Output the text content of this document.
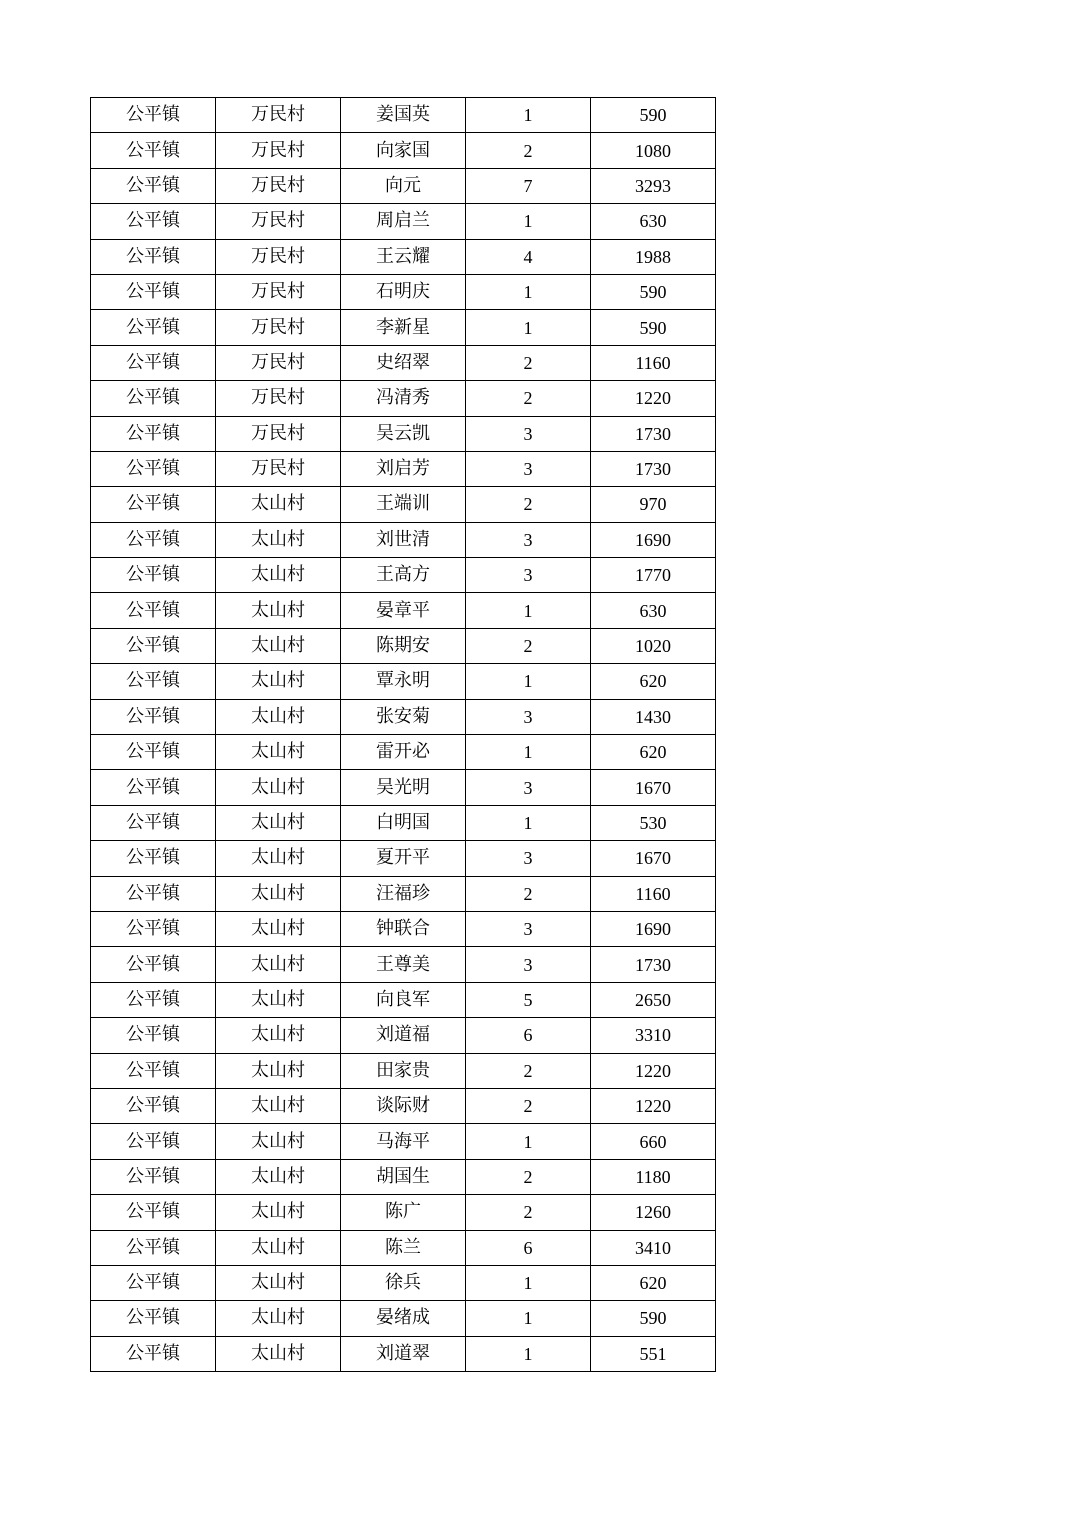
公平镇	万民村	姜国英	1	590
公平镇	万民村	向家国	2	1080
公平镇	万民村	向元	7	3293
公平镇	万民村	周启兰	1	630
公平镇	万民村	王云耀	4	1988
公平镇	万民村	石明庆	1	590
公平镇	万民村	李新星	1	590
公平镇	万民村	史绍翠	2	1160
公平镇	万民村	冯清秀	2	1220
公平镇	万民村	吴云凯	3	1730
公平镇	万民村	刘启芳	3	1730
公平镇	太山村	王端训	2	970
公平镇	太山村	刘世清	3	1690
公平镇	太山村	王高方	3	1770
公平镇	太山村	晏章平	1	630
公平镇	太山村	陈期安	2	1020
公平镇	太山村	覃永明	1	620
公平镇	太山村	张安菊	3	1430
公平镇	太山村	雷开必	1	620
公平镇	太山村	吴光明	3	1670
公平镇	太山村	白明国	1	530
公平镇	太山村	夏开平	3	1670
公平镇	太山村	汪福珍	2	1160
公平镇	太山村	钟联合	3	1690
公平镇	太山村	王尊美	3	1730
公平镇	太山村	向良军	5	2650
公平镇	太山村	刘道福	6	3310
公平镇	太山村	田家贵	2	1220
公平镇	太山村	谈际财	2	1220
公平镇	太山村	马海平	1	660
公平镇	太山村	胡国生	2	1180
公平镇	太山村	陈广	2	1260
公平镇	太山村	陈兰	6	3410
公平镇	太山村	徐兵	1	620
公平镇	太山村	晏绪成	1	590
公平镇	太山村	刘道翠	1	551
